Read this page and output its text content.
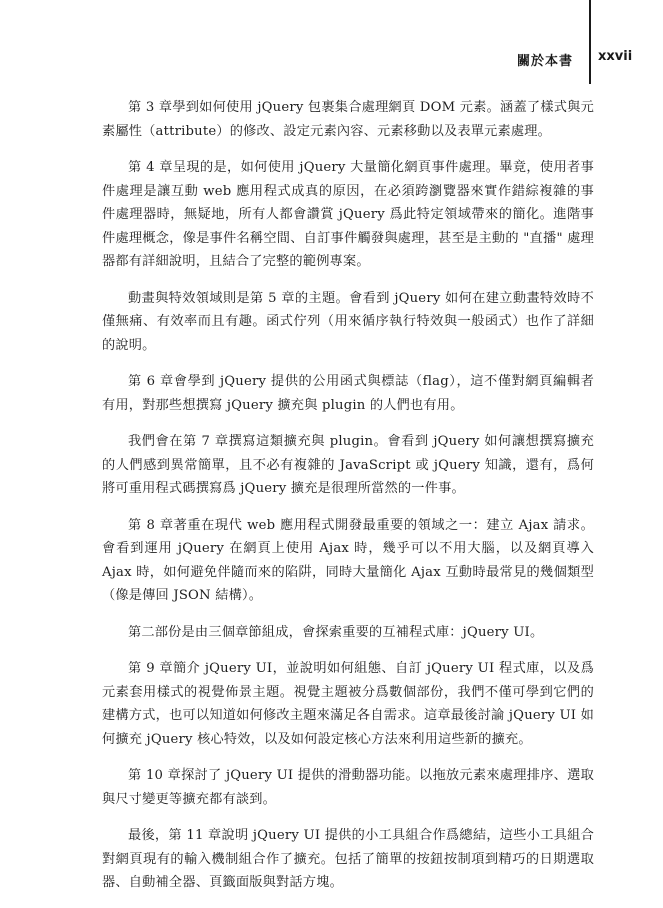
關於本書 xxvii

第 3 章學到如何使用 jQuery 包裹集合處理網頁 DOM 元素。涵蓋了樣式與元素屬性（attribute）的修改、設定元素內容、元素移動以及表單元素處理。

第 4 章呈現的是，如何使用 jQuery 大量簡化網頁事件處理。畢竟，使用者事件處理是讓互動 web 應用程式成真的原因，在必須跨瀏覽器來實作錯綜複雜的事件處理器時，無疑地，所有人都會讚賞 jQuery 爲此特定領域帶來的簡化。進階事件處理概念，像是事件名稱空間、自訂事件觸發與處理，甚至是主動的 "直播" 處理器都有詳細說明，且結合了完整的範例專案。

動畫與特效領域則是第 5 章的主題。會看到 jQuery 如何在建立動畫特效時不僅無痛、有效率而且有趣。函式佇列（用來循序執行特效與一般函式）也作了詳細的說明。

第 6 章會學到 jQuery 提供的公用函式與標誌（flag），這不僅對網頁編輯者有用，對那些想撰寫 jQuery 擴充與 plugin 的人們也有用。

我們會在第 7 章撰寫這類擴充與 plugin。會看到 jQuery 如何讓想撰寫擴充的人們感到異常簡單，且不必有複雜的 JavaScript 或 jQuery 知識，還有，爲何將可重用程式碼撰寫爲 jQuery 擴充是很理所當然的一件事。

第 8 章著重在現代 web 應用程式開發最重要的領域之一：建立 Ajax 請求。會看到運用 jQuery 在網頁上使用 Ajax 時，幾乎可以不用大腦，以及網頁導入 Ajax 時，如何避免伴隨而來的陷阱，同時大量簡化 Ajax 互動時最常見的幾個類型（像是傳回 JSON 結構）。

第二部份是由三個章節組成，會探索重要的互補程式庫：jQuery UI。

第 9 章簡介 jQuery UI，並說明如何組態、自訂 jQuery UI 程式庫，以及爲元素套用樣式的視覺佈景主題。視覺主題被分爲數個部份，我們不僅可學到它們的建構方式，也可以知道如何修改主題來滿足各自需求。這章最後討論 jQuery UI 如何擴充 jQuery 核心特效，以及如何設定核心方法來利用這些新的擴充。

第 10 章探討了 jQuery UI 提供的滑動器功能。以拖放元素來處理排序、選取與尺寸變更等擴充都有談到。

最後，第 11 章說明 jQuery UI 提供的小工具組合作爲總結，這些小工具組合對網頁現有的輸入機制組合作了擴充。包括了簡單的按鈕按制項到精巧的日期選取器、自動補全器、頁籤面版與對話方塊。
